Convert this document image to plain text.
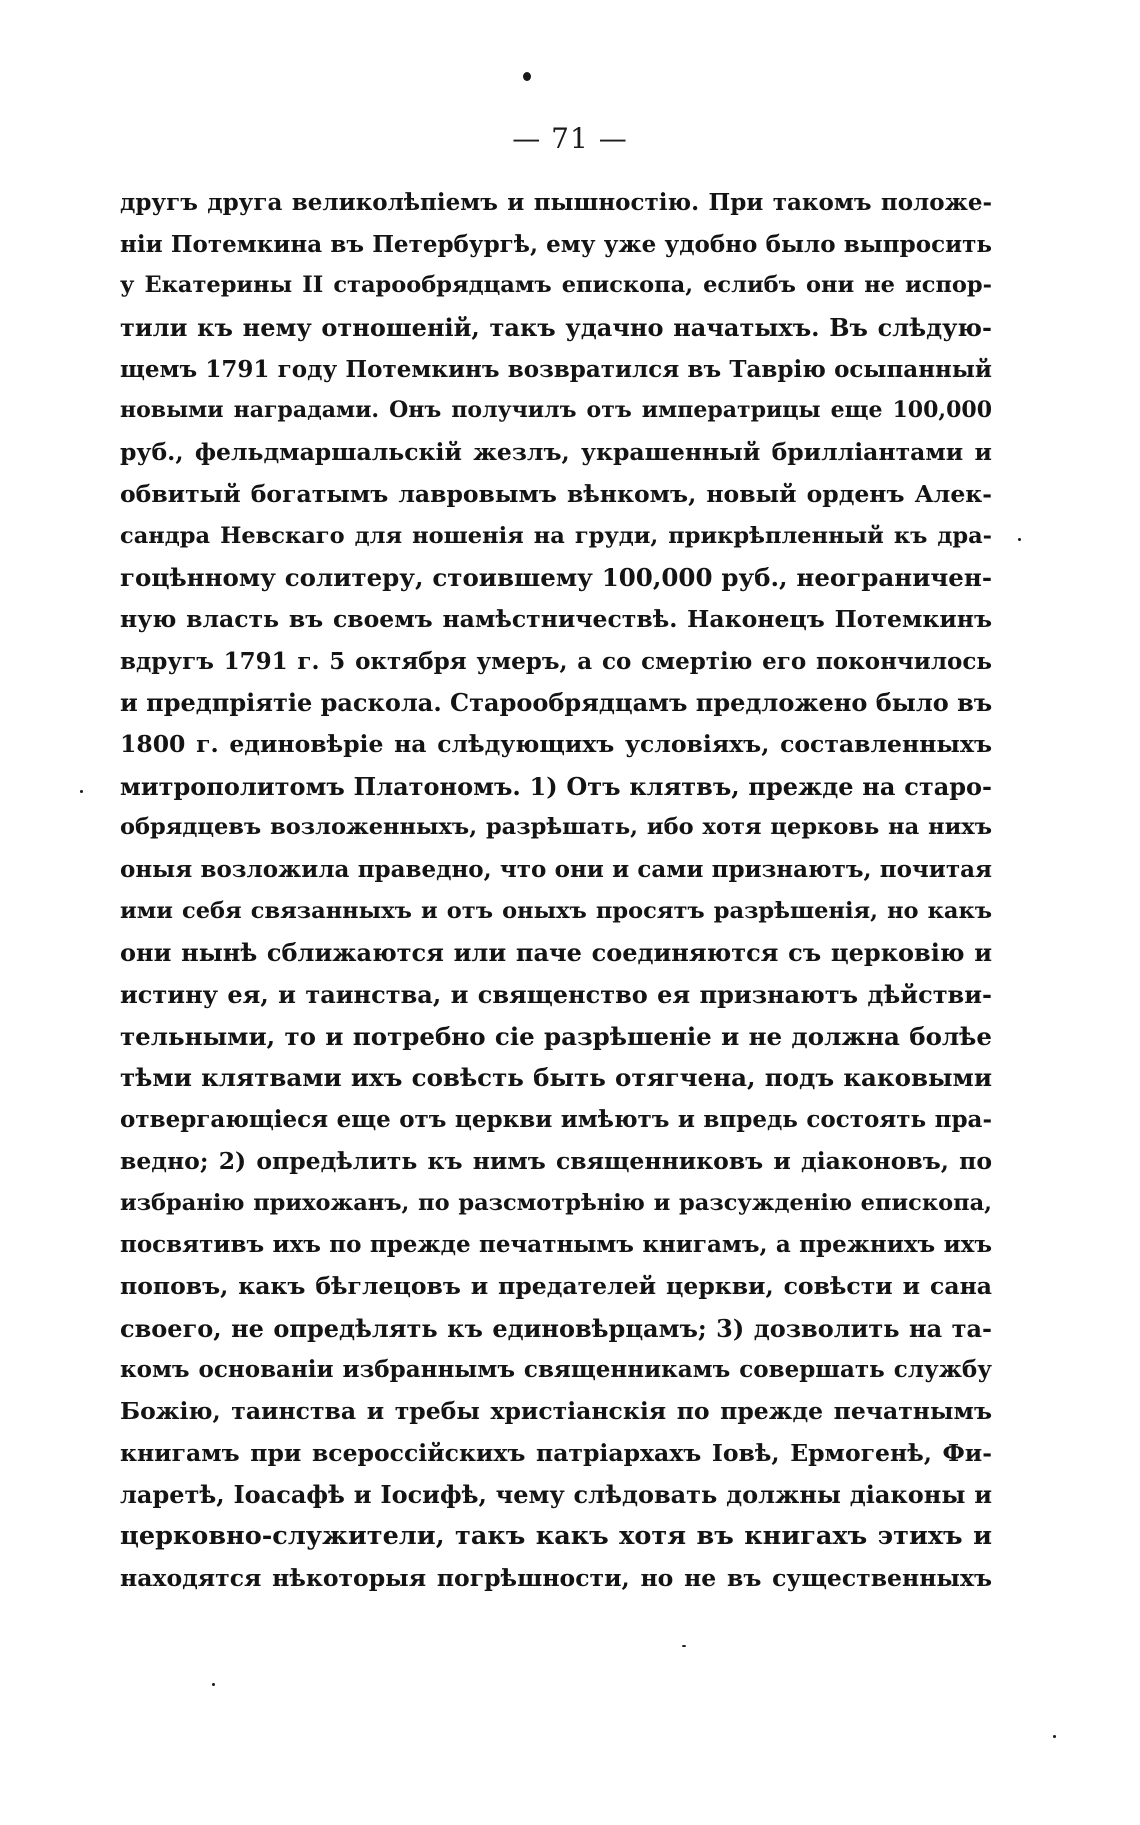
— 71 —
другъ друга великолѣпіемъ и пышностію. При такомъ положе-
ніи Потемкина въ Петербургѣ, ему уже удобно было выпросить
у Екатерины II старообрядцамъ епископа, еслибъ они не испор-
тили къ нему отношеній, такъ удачно начатыхъ. Въ слѣдую-
щемъ 1791 году Потемкинъ возвратился въ Таврію осыпанный
новыми наградами. Онъ получилъ отъ императрицы еще 100,000
руб., фельдмаршальскій жезлъ, украшенный брилліантами и
обвитый богатымъ лавровымъ вѣнкомъ, новый орденъ Алек-
сандра Невскаго для ношенія на груди, прикрѣпленный къ дра-
гоцѣнному солитеру, стоившему 100,000 руб., неограничен-
ную власть въ своемъ намѣстничествѣ. Наконецъ Потемкинъ
вдругъ 1791 г. 5 октября умеръ, а со смертію его покончилось
и предпріятіе раскола. Старообрядцамъ предложено было въ
1800 г. единовѣріе на слѣдующихъ условіяхъ, составленныхъ
митрополитомъ Платономъ. 1) Отъ клятвъ, прежде на старо-
обрядцевъ возложенныхъ, разрѣшать, ибо хотя церковь на нихъ
оныя возложила праведно, что они и сами признаютъ, почитая
ими себя связанныхъ и отъ оныхъ просятъ разрѣшенія, но какъ
они нынѣ сближаются или паче соединяются съ церковію и
истину ея, и таинства, и священство ея признаютъ дѣйстви-
тельными, то и потребно сіе разрѣшеніе и не должна болѣе
тѣми клятвами ихъ совѣсть быть отягчена, подъ каковыми
отвергающіеся еще отъ церкви имѣютъ и впредь состоять пра-
ведно; 2) опредѣлить къ нимъ священниковъ и діаконовъ, по
избранію прихожанъ, по разсмотрѣнію и разсужденію епископа,
посвятивъ ихъ по прежде печатнымъ книгамъ, а прежнихъ ихъ
поповъ, какъ бѣглецовъ и предателей церкви, совѣсти и сана
своего, не опредѣлять къ единовѣрцамъ; 3) дозволить на та-
комъ основаніи избраннымъ священникамъ совершать службу
Божію, таинства и требы христіанскія по прежде печатнымъ
книгамъ при всероссійскихъ патріархахъ Іовѣ, Ермогенѣ, Фи-
ларетѣ, Іоасафѣ и Іосифѣ, чему слѣдовать должны діаконы и
церковно-служители, такъ какъ хотя въ книгахъ этихъ и
находятся нѣкоторыя погрѣшности, но не въ существенныхъ
